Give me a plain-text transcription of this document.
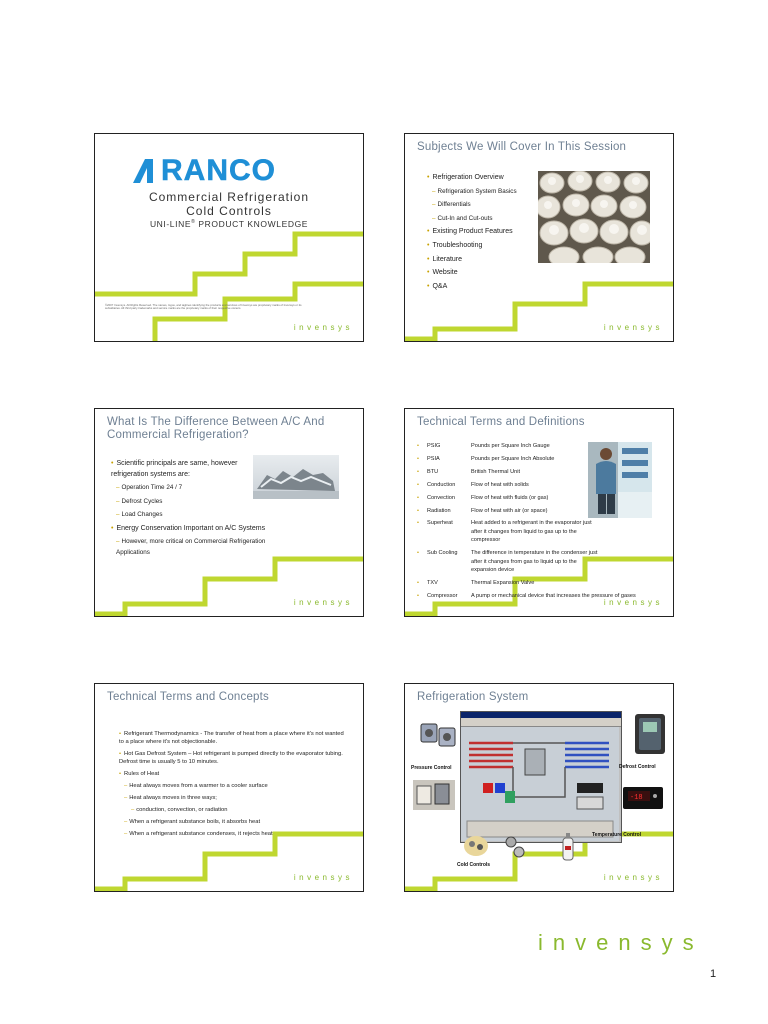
RANCO
Commercial Refrigeration
Cold Controls
UNI-LINE® PRODUCT KNOWLEDGE
©2007 Invensys. All Rights Reserved. The names, logos, and taglines identifying the products and services of Invensys are proprietary marks of Invensys or its subsidiaries. All third party trademarks and service marks are the proprietary marks of their respective owners.
invensys
Subjects We Will Cover In This Session
• Refrigeration Overview
– Refrigeration System Basics
– Differentials
– Cut-In and Cut-outs
• Existing Product Features
• Troubleshooting
• Literature
• Website
• Q&A
invensys
What Is The Difference Between A/C And
Commercial Refrigeration?
• Scientific principals are same, however refrigeration systems are:
– Operation Time 24 / 7
– Defrost Cycles
– Load Changes
• Energy Conservation Important on A/C Systems
– However, more critical on Commercial Refrigeration Applications
invensys
Technical Terms and Definitions
•	PSIG	Pounds per Square Inch Gauge
•	PSIA	Pounds per Square Inch Absolute
•	BTU	British Thermal Unit
•	Conduction	Flow of heat with solids
•	Convection	Flow of heat with fluids (or gas)
•	Radiation	Flow of heat with air (or space)
•	Superheat	Heat added to a refrigerant in the evaporator just after it changes from liquid to gas up to the compressor
•	Sub Cooling	The difference in temperature in the condenser just after it changes from gas to liquid up to the expansion device
•	TXV	Thermal Expansion Valve
•	Compressor	A pump or mechanical device that increases the pressure of gases
invensys
Technical Terms and Concepts
• Refrigerant Thermodynamics - The transfer of heat from a place where it's not wanted to a place where it's not objectionable.
• Hot Gas Defrost System – Hot refrigerant is pumped directly to the evaporator tubing. Defrost time is usually 5 to 10 minutes.
• Rules of Heat
– Heat always moves from a warmer to a cooler surface
– Heat always moves in three ways;
– conduction, convection, or radiation
– When a refrigerant substance boils, it absorbs heat
– When a refrigerant substance condenses, it rejects heat
invensys
Refrigeration System
Pressure Control	Defrost Control
-18
Temperature Control
Cold Controls
invensys
invensys
1
